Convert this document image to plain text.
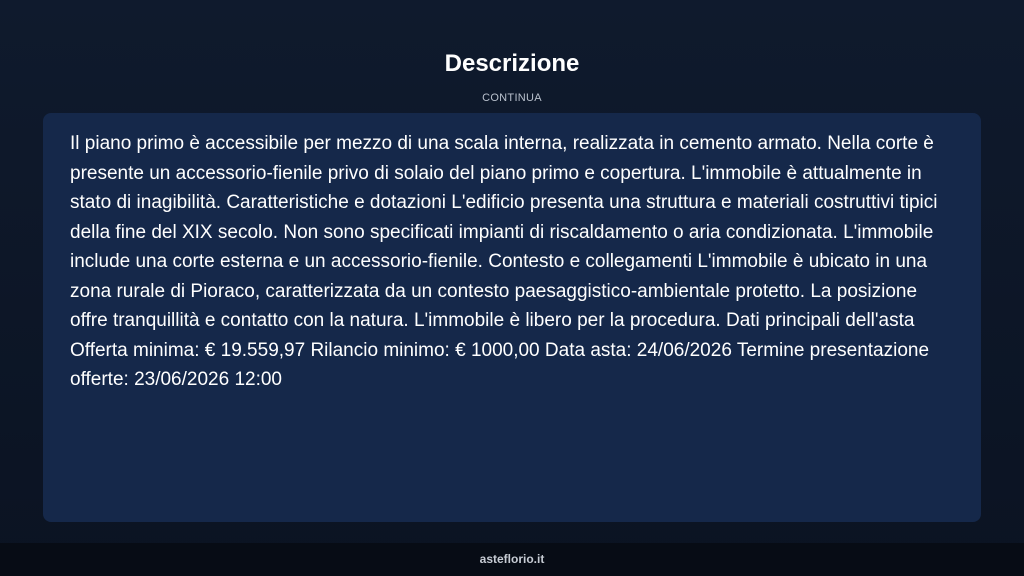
Descrizione
CONTINUA

Il piano primo è accessibile per mezzo di una scala interna, realizzata in cemento armato. Nella corte è presente un accessorio-fienile privo di solaio del piano primo e copertura. L'immobile è attualmente in stato di inagibilità. Caratteristiche e dotazioni L'edificio presenta una struttura e materiali costruttivi tipici della fine del XIX secolo. Non sono specificati impianti di riscaldamento o aria condizionata. L'immobile include una corte esterna e un accessorio-fienile. Contesto e collegamenti L'immobile è ubicato in una zona rurale di Pioraco, caratterizzata da un contesto paesaggistico-ambientale protetto. La posizione offre tranquillità e contatto con la natura. L'immobile è libero per la procedura. Dati principali dell'asta Offerta minima: € 19.559,97 Rilancio minimo: € 1000,00 Data asta: 24/06/2026 Termine presentazione offerte: 23/06/2026 12:00

asteflorio.it
